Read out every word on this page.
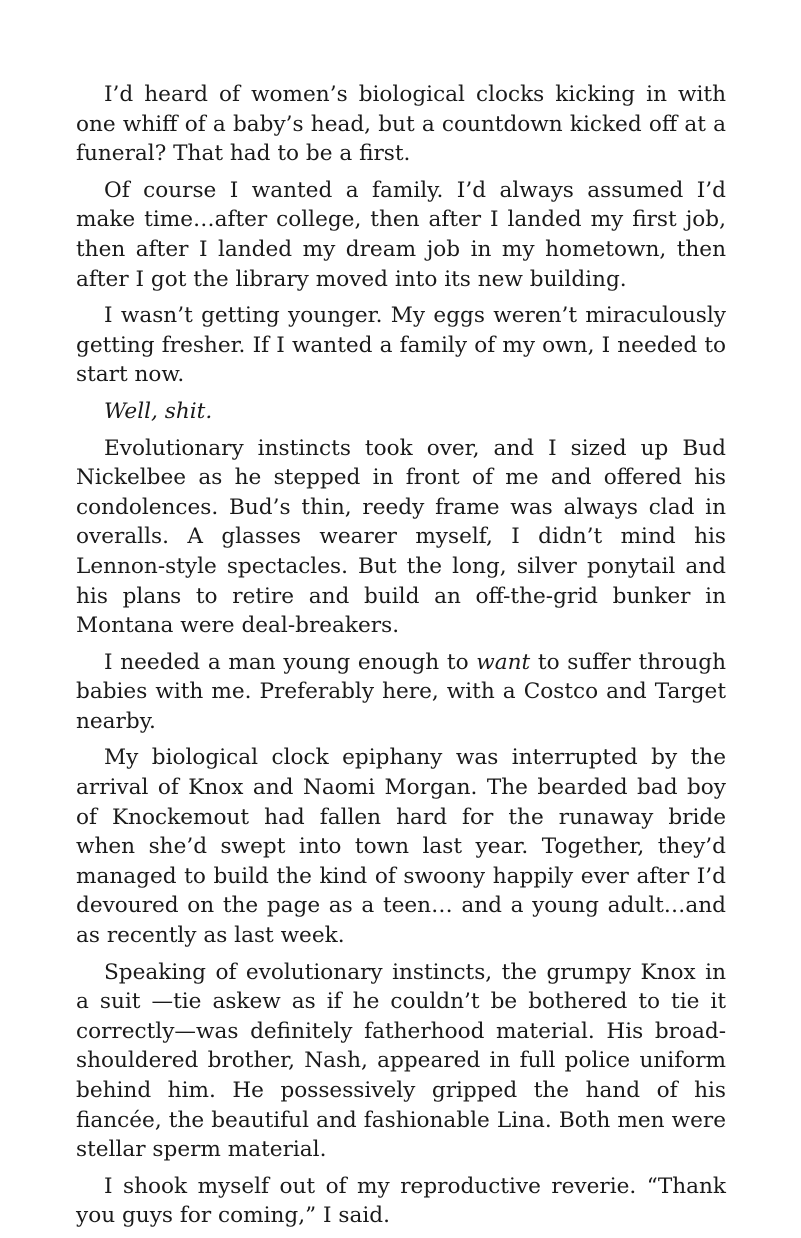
I’d heard of women’s biological clocks kicking in with one whiff of a baby’s head, but a countdown kicked off at a funeral? That had to be a first.

Of course I wanted a family. I’d always assumed I’d make time…after college, then after I landed my first job, then after I landed my dream job in my hometown, then after I got the library moved into its new building.

I wasn’t getting younger. My eggs weren’t miraculously getting fresher. If I wanted a family of my own, I needed to start now.

Well, shit.

Evolutionary instincts took over, and I sized up Bud Nickelbee as he stepped in front of me and offered his condolences. Bud’s thin, reedy frame was always clad in overalls. A glasses wearer myself, I didn’t mind his Lennon-style spectacles. But the long, silver ponytail and his plans to retire and build an off-the-grid bunker in Montana were deal-breakers.

I needed a man young enough to want to suffer through babies with me. Preferably here, with a Costco and Target nearby.

My biological clock epiphany was interrupted by the arrival of Knox and Naomi Morgan. The bearded bad boy of Knockemout had fallen hard for the runaway bride when she’d swept into town last year. Together, they’d managed to build the kind of swoony happily ever after I’d devoured on the page as a teen… and a young adult…and as recently as last week.

Speaking of evolutionary instincts, the grumpy Knox in a suit —tie askew as if he couldn’t be bothered to tie it correctly—was definitely fatherhood material. His broad-shouldered brother, Nash, appeared in full police uniform behind him. He possessively gripped the hand of his fiancée, the beautiful and fashionable Lina. Both men were stellar sperm material.

I shook myself out of my reproductive reverie. “Thank you guys for coming,” I said.
